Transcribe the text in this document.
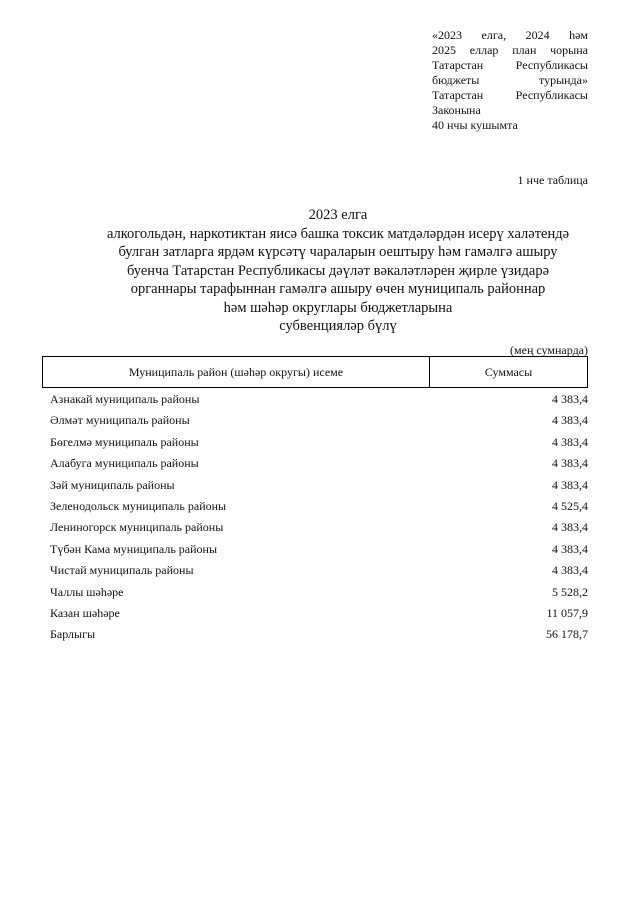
«2023 елга, 2024 һәм
2025 еллар план чорына
Татарстан Республикасы
бюджеты турында»
Татарстан Республикасы
Законына
40 нчы кушымта
1 нче таблица
2023 елга
алкогольдән, наркотиктан яисә башка токсик матдәләрдән исерү халәтендә
булган затларга ярдәм күрсәтү чараларын оештыру һәм гамәлгә ашыру
буенча Татарстан Республикасы дәүләт вәкаләтләрен җирле үзидарә
органнары тарафыннан гамәлгә ашыру өчен муниципаль районнар
һәм шәһәр округлары бюджетларына
субвенцияләр бүлү
(мең сумнарда)
Муниципаль район (шәһәр округы) исеме	Суммасы
Азнакай муниципаль районы	4 383,4
Әлмәт муниципаль районы	4 383,4
Бөгелмә муниципаль районы	4 383,4
Алабуга муниципаль районы	4 383,4
Зәй муниципаль районы	4 383,4
Зеленодольск муниципаль районы	4 525,4
Лениногорск муниципаль районы	4 383,4
Түбән Кама муниципаль районы	4 383,4
Чистай муниципаль районы	4 383,4
Чаллы шәһәре	5 528,2
Казан шәһәре	11 057,9
Барлыгы	56 178,7
